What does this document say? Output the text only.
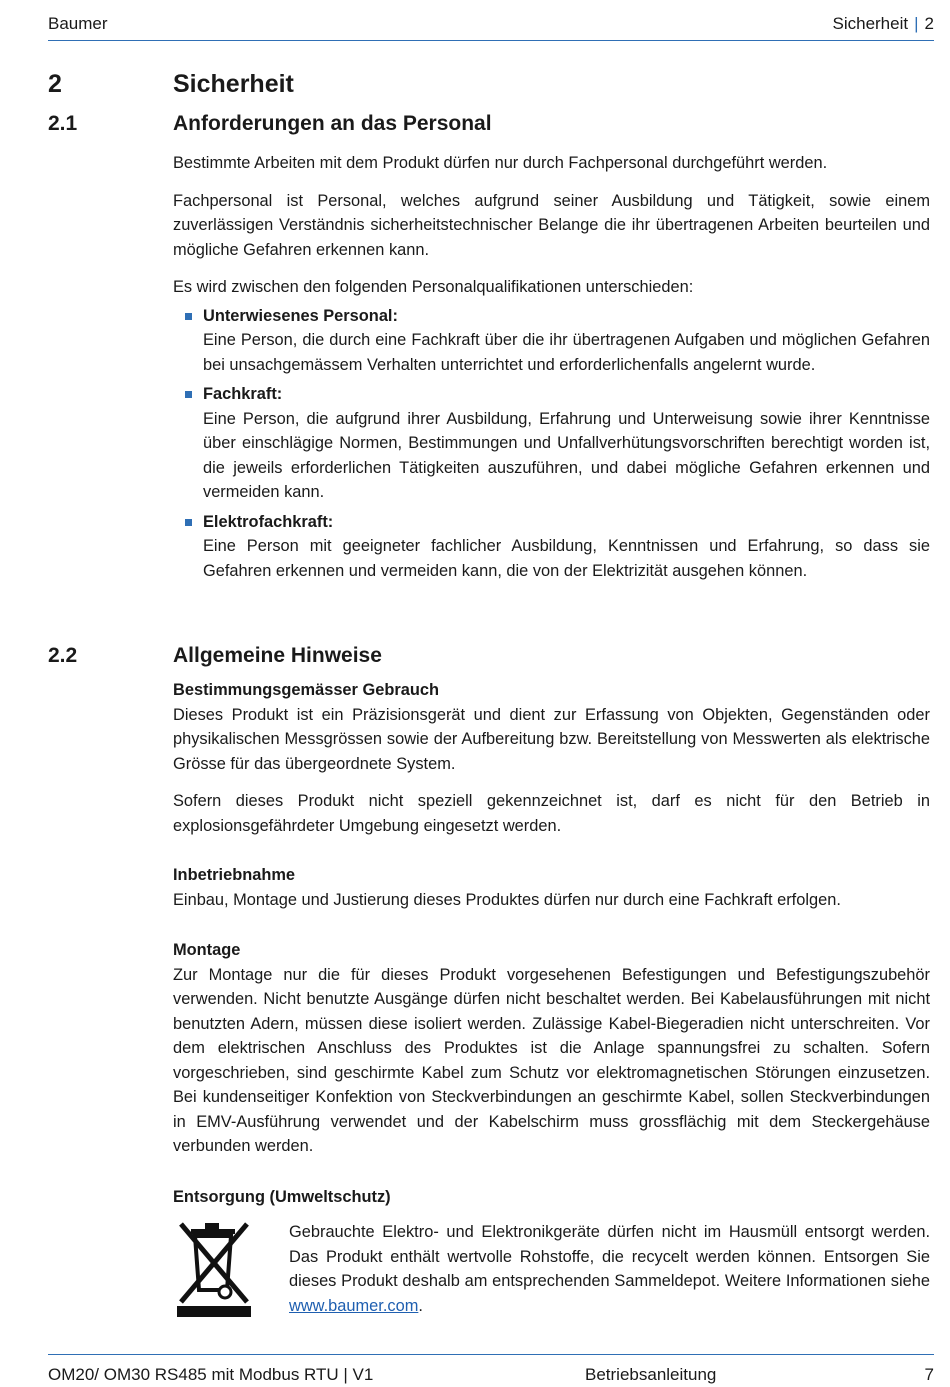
Baumer	Sicherheit | 2
2	Sicherheit
2.1	Anforderungen an das Personal

Bestimmte Arbeiten mit dem Produkt dürfen nur durch Fachpersonal durchgeführt werden.

Fachpersonal ist Personal, welches aufgrund seiner Ausbildung und Tätigkeit, sowie einem zuverlässigen Verständnis sicherheitstechnischer Belange die ihr übertragenen Arbeiten beurteilen und mögliche Gefahren erkennen kann.

Es wird zwischen den folgenden Personalqualifikationen unterschieden:

Unterwiesenes Personal:

Eine Person, die durch eine Fachkraft über die ihr übertragenen Aufgaben und möglichen Gefahren bei unsachgemässem Verhalten unterrichtet und erforderlichenfalls angelernt wurde.

Fachkraft:

Eine Person, die aufgrund ihrer Ausbildung, Erfahrung und Unterweisung sowie ihrer Kenntnisse über einschlägige Normen, Bestimmungen und Unfallverhütungsvorschriften berechtigt worden ist, die jeweils erforderlichen Tätigkeiten auszuführen, und dabei mögliche Gefahren erkennen und vermeiden kann.

Elektrofachkraft:

Eine Person mit geeigneter fachlicher Ausbildung, Kenntnissen und Erfahrung, so dass sie Gefahren erkennen und vermeiden kann, die von der Elektrizität ausgehen können.

2.2	Allgemeine Hinweise
Bestimmungsgemässer Gebrauch

Dieses Produkt ist ein Präzisionsgerät und dient zur Erfassung von Objekten, Gegenständen oder physikalischen Messgrössen sowie der Aufbereitung bzw. Bereitstellung von Messwerten als elektrische Grösse für das übergeordnete System.

Sofern dieses Produkt nicht speziell gekennzeichnet ist, darf es nicht für den Betrieb in explosionsgefährdeter Umgebung eingesetzt werden.

Inbetriebnahme

Einbau, Montage und Justierung dieses Produktes dürfen nur durch eine Fachkraft erfolgen.

Montage

Zur Montage nur die für dieses Produkt vorgesehenen Befestigungen und Befestigungszubehör verwenden. Nicht benutzte Ausgänge dürfen nicht beschaltet werden. Bei Kabelausführungen mit nicht benutzten Adern, müssen diese isoliert werden. Zulässige Kabel-Biegeradien nicht unterschreiten. Vor dem elektrischen Anschluss des Produktes ist die Anlage spannungsfrei zu schalten. Sofern vorgeschrieben, sind geschirmte Kabel zum Schutz vor elektromagnetischen Störungen einzusetzen. Bei kundenseitiger Konfektion von Steckverbindungen an geschirmte Kabel, sollen Steckverbindungen in EMV-Ausführung verwendet und der Kabelschirm muss grossflächig mit dem Steckergehäuse verbunden werden.

Entsorgung (Umweltschutz)
Gebrauchte Elektro- und Elektronikgeräte dürfen nicht im Hausmüll entsorgt werden. Das Produkt enthält wertvolle Rohstoffe, die recycelt werden können. Entsorgen Sie dieses Produkt deshalb am entsprechenden Sammeldepot. Weitere Informationen siehe www.baumer.com.
OM20/ OM30 RS485 mit Modbus RTU | V1	Betriebsanleitung	7
